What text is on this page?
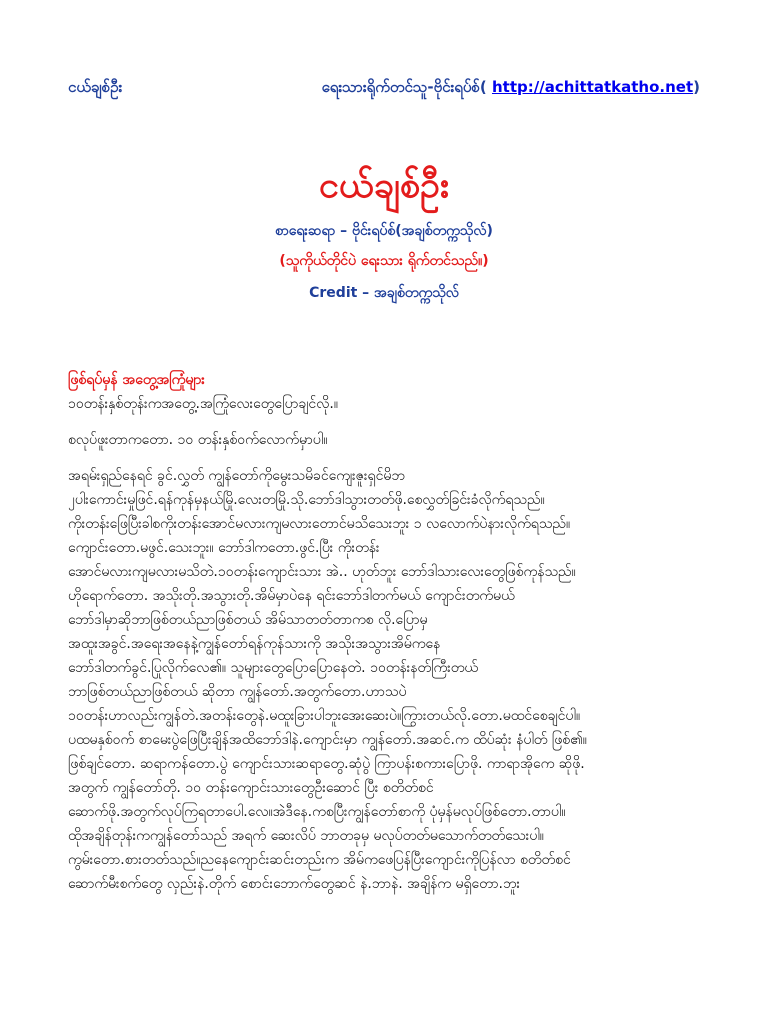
ငယ်ချစ်ဦး	ရေးသားရိုက်တင်သူ-ဗိုင်းရပ်စ်( http://achittatkatho.net)
ငယ်ချစ်ဦး

စာရေးဆရာ – ဗိုင်းရပ်စ်(အချစ်တက္ကသိုလ်)

(သူကိုယ်တိုင်ပဲ ရေးသား ရိုက်တင်သည်။)

Credit – အချစ်တက္ကသိုလ်

ဖြစ်ရပ်မှန် အတွေ့အကြုံများ

၁၀တန်းနှစ်တုန်းကအတွေ့.အကြုံလေးတွေပြောချင်လို.။

စလုပ်ဖူးတာကတော. ၁၀ တန်းနှစ်ဝက်လောက်မှာပါ။

အရမ်းရှည်နေရင် ခွင်.လွှတ် ကျွန်တော်ကိုမွေးသမိခင်ကျေးဇူးရှင်မိဘ

၂ပါးကောင်းမှုဖြင်.ရန်ကုန်မှနယ်မြို.လေးတမြို.သို.ဘော်ဒါသွားတတ်ဖို.စေလွှတ်ခြင်းခံလိုက်ရသည်။

ကိုးတန်းဖြေပြီးခါစကိုးတန်းအောင်မလားကျမလားတောင်မသိသေးဘူး ၁ လလောက်ပဲနားလိုက်ရသည်။

ကျောင်းတော.မဖွင်.သေးဘူး။ ဘော်ဒါကတော.ဖွင်.ပြီး ကိုးတန်း

အောင်မလားကျမလားမသိတဲ.၁၀တန်းကျောင်းသား အဲ.. ဟုတ်ဘူး ဘော်ဒါသားလေးတွေဖြစ်ကုန်သည်။

ဟိုရောက်တော. အသိုးတို.အသွားတို.အိမ်မှာပဲနေ ရင်းဘော်ဒါတက်မယ် ကျောင်းတက်မယ်

ဘော်ဒါမှာဆိုဘာဖြစ်တယ်ညာဖြစ်တယ် အိမ်သာတတ်တာကစ လို.ပြောမှ

အထူးအခွင်.အရေးအနေနဲ့ကျွန်တော်ရန်ကုန်သားကို အသိုးအသွားအိမ်ကနေ

ဘော်ဒါတက်ခွင်.ပြုလိုက်လေ၏။ သူများတွေပြောပြောနေတဲ. ၁၀တန်းနတ်ကြီးတယ်

ဘာဖြစ်တယ်ညာဖြစ်တယ် ဆိုတာ ကျွန်တော်.အတွက်တော.ဟာသပဲ

၁၀တန်းဟာလည်းကျွန်တဲ.အတန်းတွေနဲ.မထူးခြားပါဘူးအေးဆေးပဲ။ကြွားတယ်လို.တော.မထင်စေချင်ပါ။

ပထမနှစ်ဝက် စာမေးပွဲဖြေပြီးချိန်အထိဘော်ဒါနဲ.ကျောင်းမှာ ကျွန်တော်.အဆင်.က ထိပ်ဆုံး နံပါတ် ဖြစ်၏။

ဖြစ်ချင်တော. ဆရာကန်တော.ပွဲ ကျောင်းသားဆရာတွေ.ဆုံပွဲ ကြာပန်းစကားပြောဖို. ကာရာအိုကေ ဆိုဖို.

အတွက် ကျွန်တော်တို. ၁၀ တန်းကျောင်းသားတွေဦးဆောင် ပြီး စတိတ်စင်

ဆောက်ဖို.အတွက်လုပ်ကြရတာပေါ.လေ။အဲဒီနေ.ကစပြီးကျွန်တော်စာကို ပုံမှန်မလုပ်ဖြစ်တော.တာပါ။

ထိုအချိန်တုန်းကကျွန်တော်သည် အရက် ဆေးလိပ် ဘာတခုမှ မလုပ်တတ်မသောက်တတ်သေးပါ။

ကွမ်းတော.စားတတ်သည်။ညနေကျောင်းဆင်းတည်းက အိမ်ကဖေပြန်ပြီးကျောင်းကိုပြန်လာ စတိတ်စင်

ဆောက်မီးစက်တွေ လှည်းနဲ.တိုက် စောင်းဘောက်တွေဆင် နဲ.ဘာနဲ. အချိန်က မရှိတော.ဘူး
